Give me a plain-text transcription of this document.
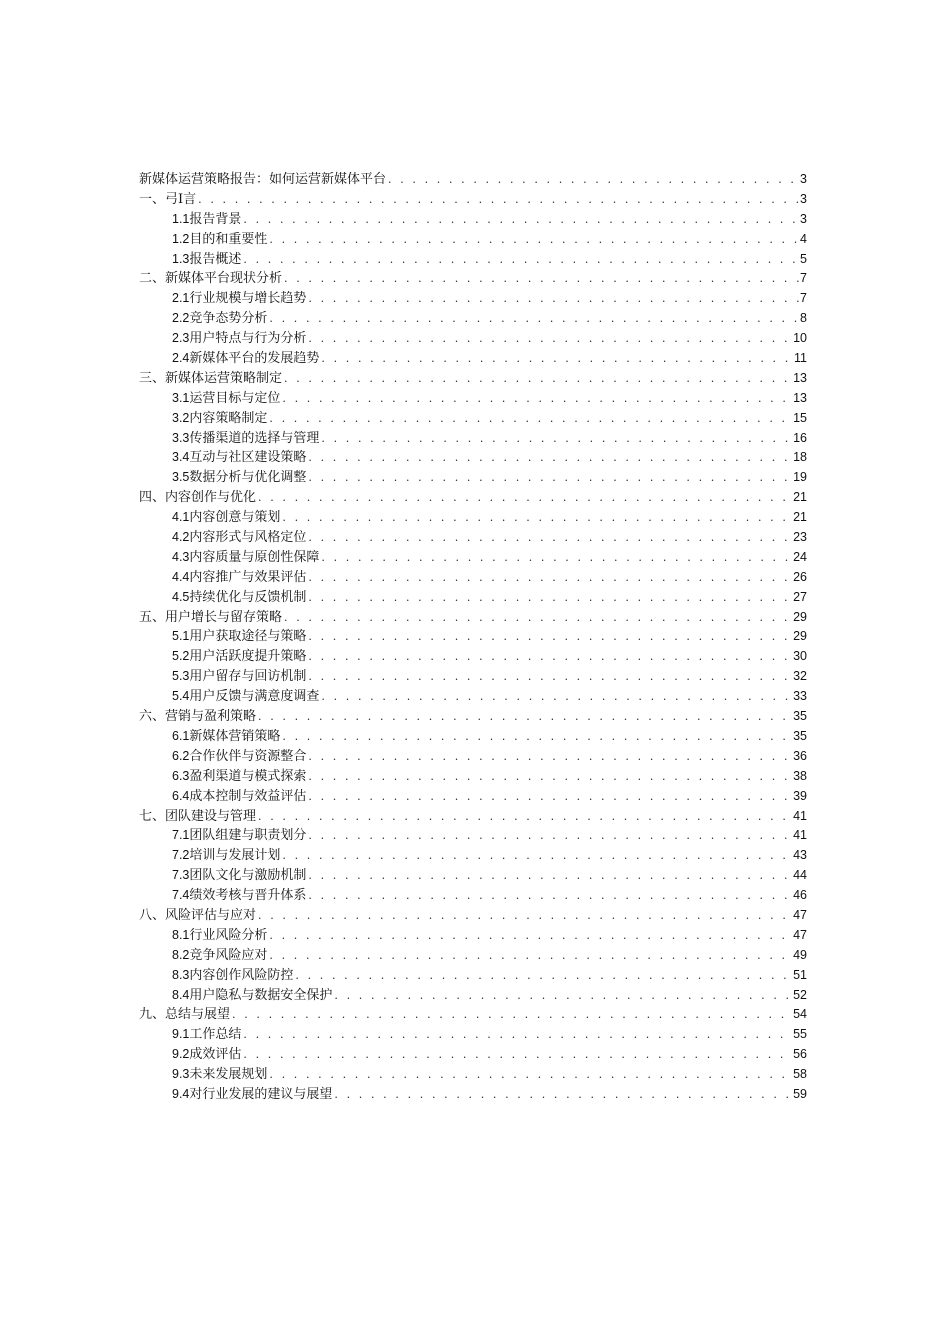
新媒体运营策略报告：如何运营新媒体平台 . . .	3
一、弓I言 . . .	3
1.1 报告背景 . . .	3
1.2 目的和重要性 . . .	4
1.3 报告概述 . . .	5
二、新媒体平台现状分析 . . .	7
2.1 行业规模与增长趋势 . . .	7
2.2 竞争态势分析 . . .	8
2.3 用户特点与行为分析 . . .	10
2.4 新媒体平台的发展趋势 . . .	11
三、新媒体运营策略制定 . . .	13
3.1 运营目标与定位 . . .	13
3.2 内容策略制定 . . .	15
3.3 传播渠道的选择与管理 . . .	16
3.4 互动与社区建设策略 . . .	18
3.5 数据分析与优化调整 . . .	19
四、内容创作与优化 . . .	21
4.1 内容创意与策划 . . .	21
4.2 内容形式与风格定位 . . .	23
4.3 内容质量与原创性保障 . . .	24
4.4 内容推广与效果评估 . . .	26
4.5 持续优化与反馈机制 . . .	27
五、用户增长与留存策略 . . .	29
5.1 用户获取途径与策略 . . .	29
5.2 用户活跃度提升策略 . . .	30
5.3 用户留存与回访机制 . . .	32
5.4 用户反馈与满意度调查 . . .	33
六、营销与盈利策略 . . .	35
6.1 新媒体营销策略 . . .	35
6.2 合作伙伴与资源整合 . . .	36
6.3 盈利渠道与模式探索 . . .	38
6.4 成本控制与效益评估 . . .	39
七、团队建设与管理 . . .	41
7.1 团队组建与职责划分 . . .	41
7.2 培训与发展计划 . . .	43
7.3 团队文化与激励机制 . . .	44
7.4 绩效考核与晋升体系 . . .	46
八、风险评估与应对 . . .	47
8.1 行业风险分析 . . .	47
8.2 竞争风险应对 . . .	49
8.3 内容创作风险防控 . . .	51
8.4 用户隐私与数据安全保护 . . .	52
九、总结与展望 . . .	54
9.1 工作总结 . . .	55
9.2 成效评估 . . .	56
9.3 未来发展规划 . . .	58
9.4 对行业发展的建议与展望 . . .	59
